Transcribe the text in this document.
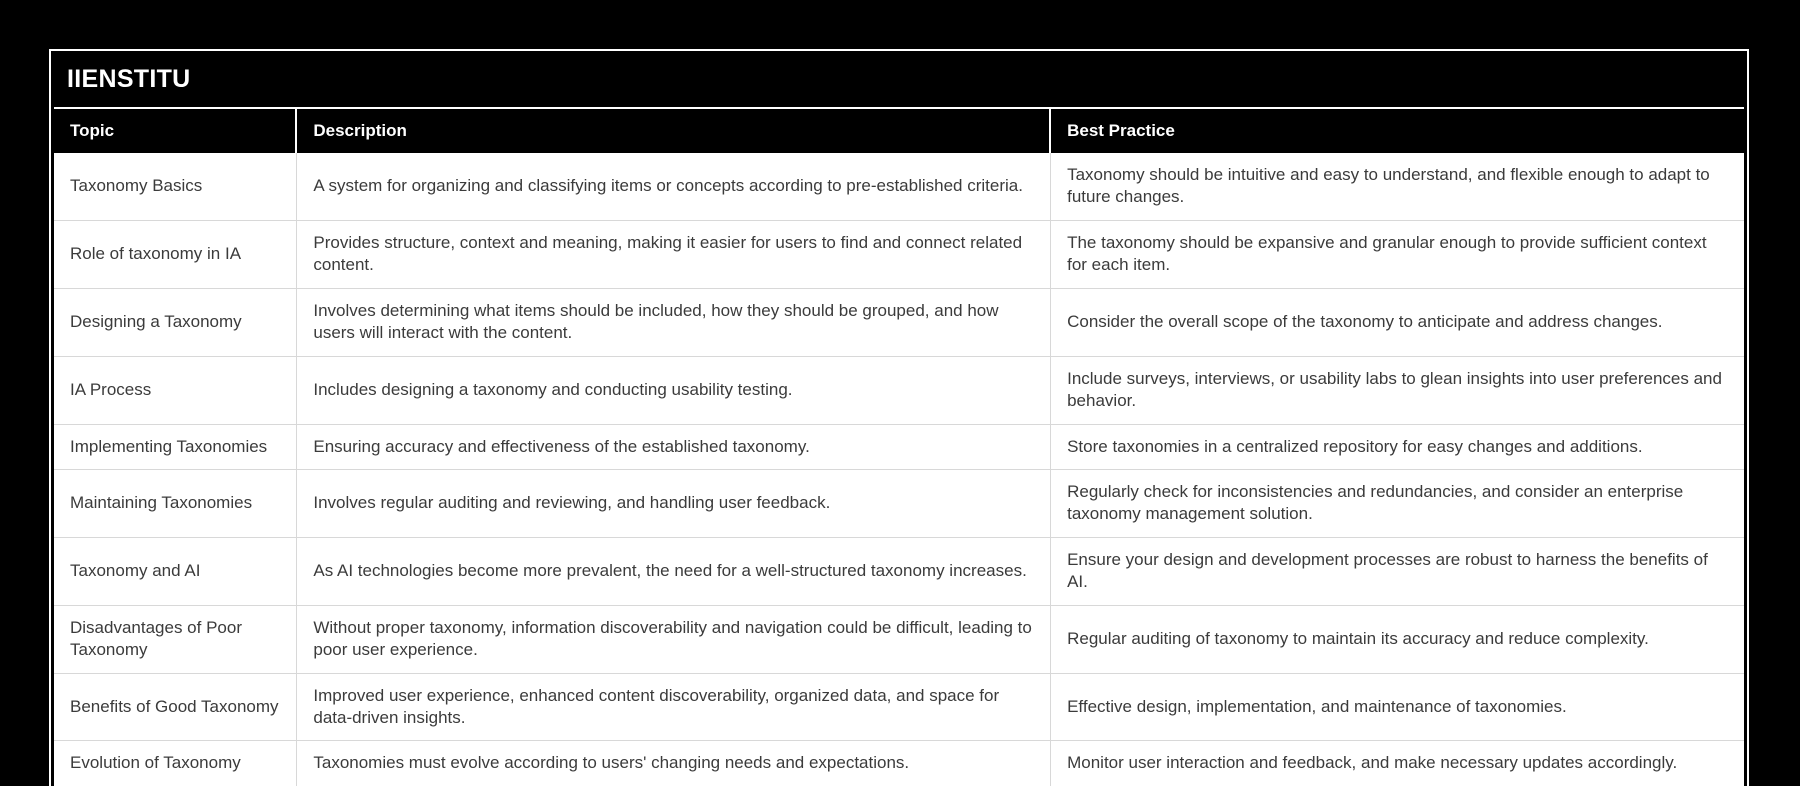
IIENSTITU
Topic	Description	Best Practice
Taxonomy Basics	A system for organizing and classifying items or concepts according to pre-established criteria.	Taxonomy should be intuitive and easy to understand, and flexible enough to adapt to future changes.
Role of taxonomy in IA	Provides structure, context and meaning, making it easier for users to find and connect related content.	The taxonomy should be expansive and granular enough to provide sufficient context for each item.
Designing a Taxonomy	Involves determining what items should be included, how they should be grouped, and how users will interact with the content.	Consider the overall scope of the taxonomy to anticipate and address changes.
IA Process	Includes designing a taxonomy and conducting usability testing.	Include surveys, interviews, or usability labs to glean insights into user preferences and behavior.
Implementing Taxonomies	Ensuring accuracy and effectiveness of the established taxonomy.	Store taxonomies in a centralized repository for easy changes and additions.
Maintaining Taxonomies	Involves regular auditing and reviewing, and handling user feedback.	Regularly check for inconsistencies and redundancies, and consider an enterprise taxonomy management solution.
Taxonomy and AI	As AI technologies become more prevalent, the need for a well-structured taxonomy increases.	Ensure your design and development processes are robust to harness the benefits of AI.
Disadvantages of Poor Taxonomy	Without proper taxonomy, information discoverability and navigation could be difficult, leading to poor user experience.	Regular auditing of taxonomy to maintain its accuracy and reduce complexity.
Benefits of Good Taxonomy	Improved user experience, enhanced content discoverability, organized data, and space for data-driven insights.	Effective design, implementation, and maintenance of taxonomies.
Evolution of Taxonomy	Taxonomies must evolve according to users' changing needs and expectations.	Monitor user interaction and feedback, and make necessary updates accordingly.
